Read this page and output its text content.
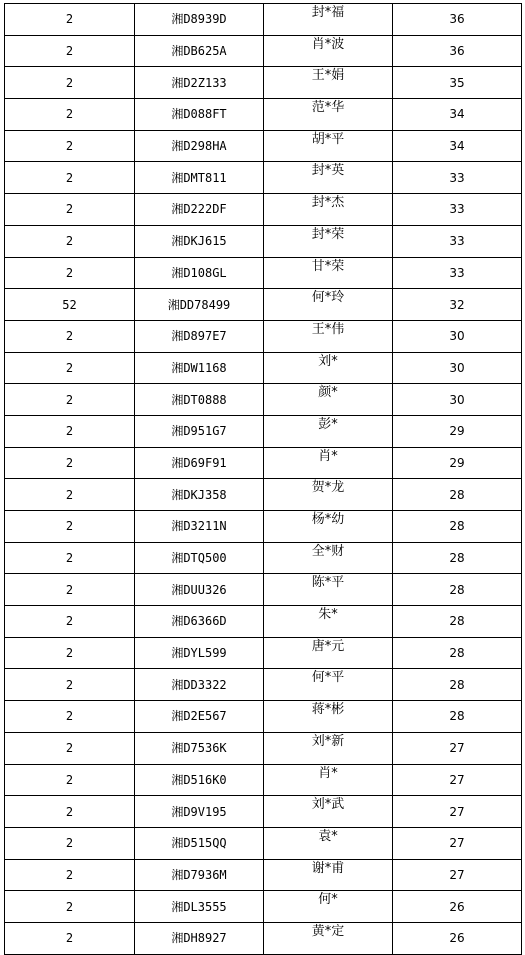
2	湘D8939D	封*福	36
2	湘DB625A	肖*波	36
2	湘D2Z133	王*娟	35
2	湘D088FT	范*华	34
2	湘D298HA	胡*平	34
2	湘DMT811	封*英	33
2	湘D222DF	封*杰	33
2	湘DKJ615	封*荣	33
2	湘D108GL	甘*荣	33
52	湘DD78499	何*玲	32
2	湘D897E7	王*伟	30
2	湘DW1168	刘*	30
2	湘DT0888	颜*	30
2	湘D951G7	彭*	29
2	湘D69F91	肖*	29
2	湘DKJ358	贺*龙	28
2	湘D3211N	杨*幼	28
2	湘DTQ500	全*财	28
2	湘DUU326	陈*平	28
2	湘D6366D	朱*	28
2	湘DYL599	唐*元	28
2	湘DD3322	何*平	28
2	湘D2E567	蒋*彬	28
2	湘D7536K	刘*新	27
2	湘D516K0	肖*	27
2	湘D9V195	刘*武	27
2	湘D515QQ	袁*	27
2	湘D7936M	谢*甫	27
2	湘DL3555	何*	26
2	湘DH8927	黄*定	26
